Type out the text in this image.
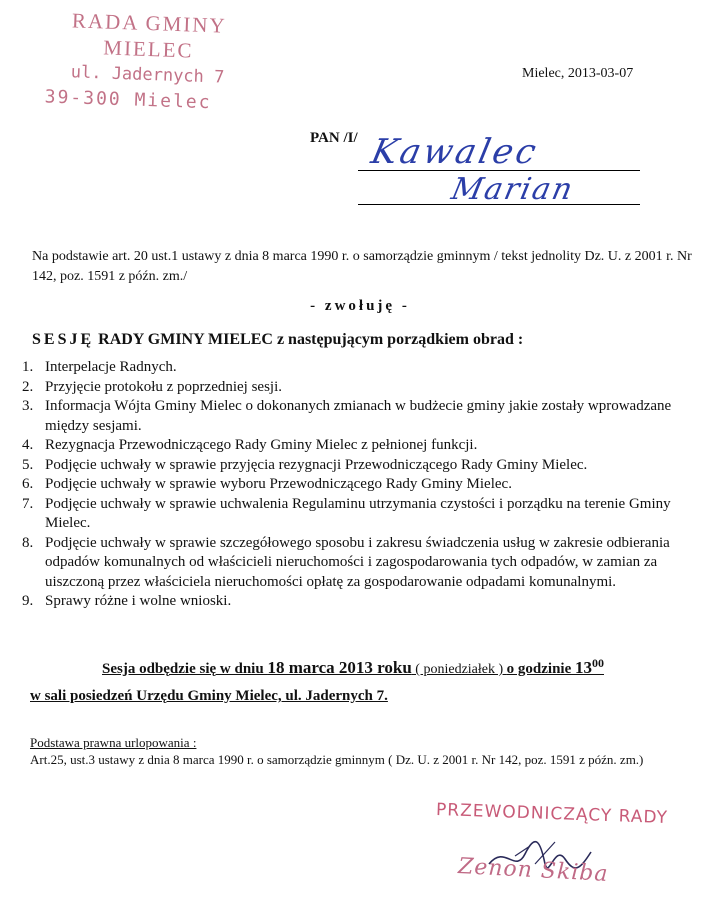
RADA GMINY MIELEC
ul. Jadernych 7
39-300 Mielec
Mielec, 2013-03-07
PAN /I/ Kawalec
Marian
Na podstawie art. 20 ust.1 ustawy z dnia 8 marca 1990 r. o samorządzie gminnym / tekst jednolity Dz. U. z 2001 r. Nr 142, poz. 1591 z późn. zm./
- zwołuję -
SESJĘ RADY GMINY MIELEC z następującym porządkiem obrad :
1. Interpelacje Radnych.
2. Przyjęcie protokołu z poprzedniej sesji.
3. Informacja Wójta Gminy Mielec o dokonanych zmianach w budżecie gminy jakie zostały wprowadzane między sesjami.
4. Rezygnacja Przewodniczącego Rady Gminy Mielec z pełnionej funkcji.
5. Podjęcie uchwały w sprawie przyjęcia rezygnacji Przewodniczącego Rady Gminy Mielec.
6. Podjęcie uchwały w sprawie wyboru Przewodniczącego Rady Gminy Mielec.
7. Podjęcie uchwały w sprawie uchwalenia Regulaminu utrzymania czystości i porządku na terenie Gminy Mielec.
8. Podjęcie uchwały w sprawie szczegółowego sposobu i zakresu świadczenia usług w zakresie odbierania odpadów komunalnych od właścicieli nieruchomości i zagospodarowania tych odpadów, w zamian za uiszczoną przez właściciela nieruchomości opłatę za gospodarowanie odpadami komunalnymi.
9. Sprawy różne i wolne wnioski.
Sesja odbędzie się w dniu 18 marca 2013 roku ( poniedziałek ) o godzinie $13^{00}$
w sali posiedzeń Urzędu Gminy Mielec, ul. Jadernych 7.
Podstawa prawna urlopowania :
Art.25, ust.3 ustawy z dnia 8 marca 1990 r. o samorządzie gminnym ( Dz. U. z 2001 r. Nr 142, poz. 1591 z późn. zm.)
PRZEWODNICZĄCY RADY
Zenon Skiba
